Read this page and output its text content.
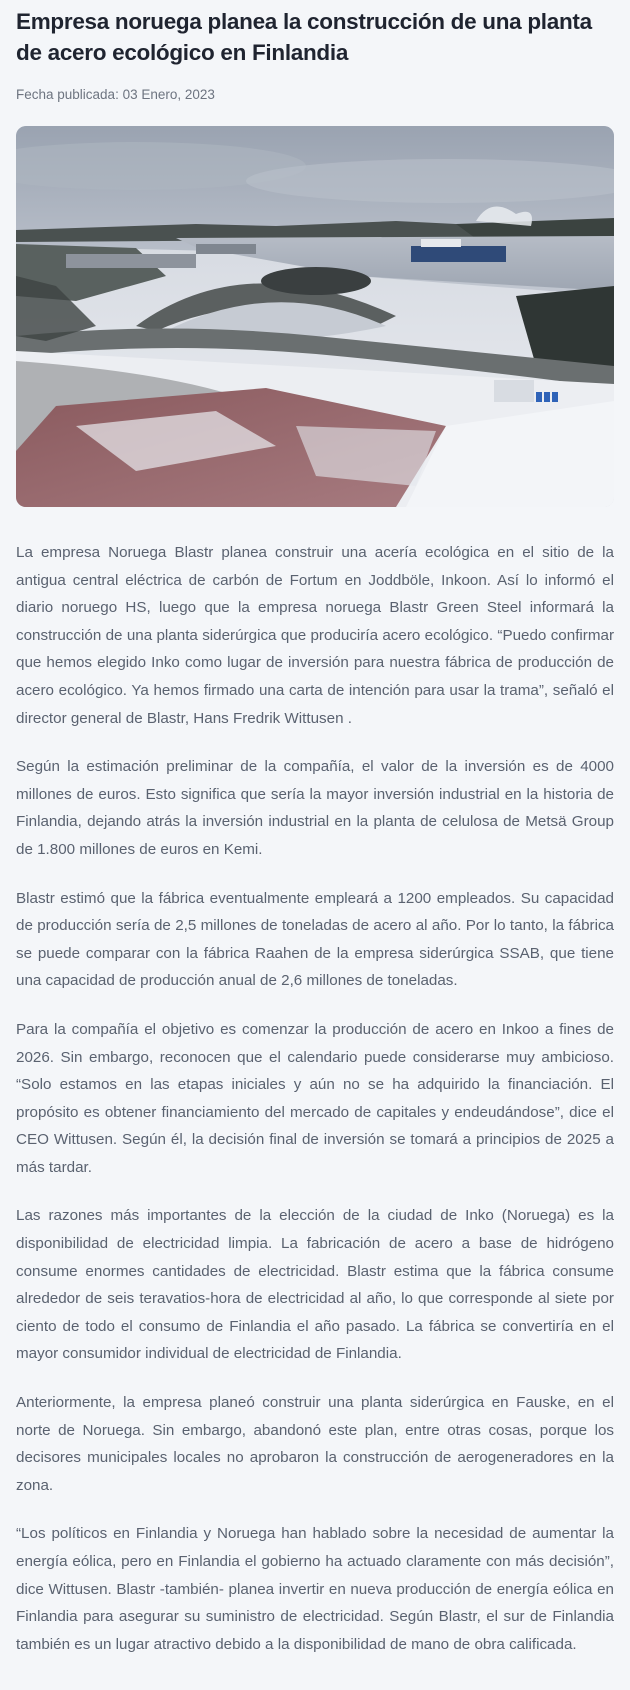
Empresa noruega planea la construcción de una planta de acero ecológico en Finlandia
Fecha publicada: 03 Enero, 2023

La empresa Noruega Blastr planea construir una acería ecológica en el sitio de la antigua central eléctrica de carbón de Fortum en Joddböle, Inkoon. Así lo informó el diario noruego HS, luego que la empresa noruega Blastr Green Steel informará la construcción de una planta siderúrgica que produciría acero ecológico. “Puedo confirmar que hemos elegido Inko como lugar de inversión para nuestra fábrica de producción de acero ecológico. Ya hemos firmado una carta de intención para usar la trama”, señaló el director general de Blastr, Hans Fredrik Wittusen .

Según la estimación preliminar de la compañía, el valor de la inversión es de 4000 millones de euros. Esto significa que sería la mayor inversión industrial en la historia de Finlandia, dejando atrás la inversión industrial en la planta de celulosa de Metsä Group de 1.800 millones de euros en Kemi.

Blastr estimó que la fábrica eventualmente empleará a 1200 empleados. Su capacidad de producción sería de 2,5 millones de toneladas de acero al año. Por lo tanto, la fábrica se puede comparar con la fábrica Raahen de la empresa siderúrgica SSAB, que tiene una capacidad de producción anual de 2,6 millones de toneladas.

Para la compañía el objetivo es comenzar la producción de acero en Inkoo a fines de 2026. Sin embargo, reconocen que el calendario puede considerarse muy ambicioso. “Solo estamos en las etapas iniciales y aún no se ha adquirido la financiación. El propósito es obtener financiamiento del mercado de capitales y endeudándose”, dice el CEO Wittusen. Según él, la decisión final de inversión se tomará a principios de 2025 a más tardar.

Las razones más importantes de la elección de la ciudad de Inko (Noruega) es la disponibilidad de electricidad limpia. La fabricación de acero a base de hidrógeno consume enormes cantidades de electricidad. Blastr estima que la fábrica consume alrededor de seis teravatios-hora de electricidad al año, lo que corresponde al siete por ciento de todo el consumo de Finlandia el año pasado. La fábrica se convertiría en el mayor consumidor individual de electricidad de Finlandia.

Anteriormente, la empresa planeó construir una planta siderúrgica en Fauske, en el norte de Noruega. Sin embargo, abandonó este plan, entre otras cosas, porque los decisores municipales locales no aprobaron la construcción de aerogeneradores en la zona.

“Los políticos en Finlandia y Noruega han hablado sobre la necesidad de aumentar la energía eólica, pero en Finlandia el gobierno ha actuado claramente con más decisión”, dice Wittusen. Blastr -también- planea invertir en nueva producción de energía eólica en Finlandia para asegurar su suministro de electricidad. Según Blastr, el sur de Finlandia también es un lugar atractivo debido a la disponibilidad de mano de obra calificada.
